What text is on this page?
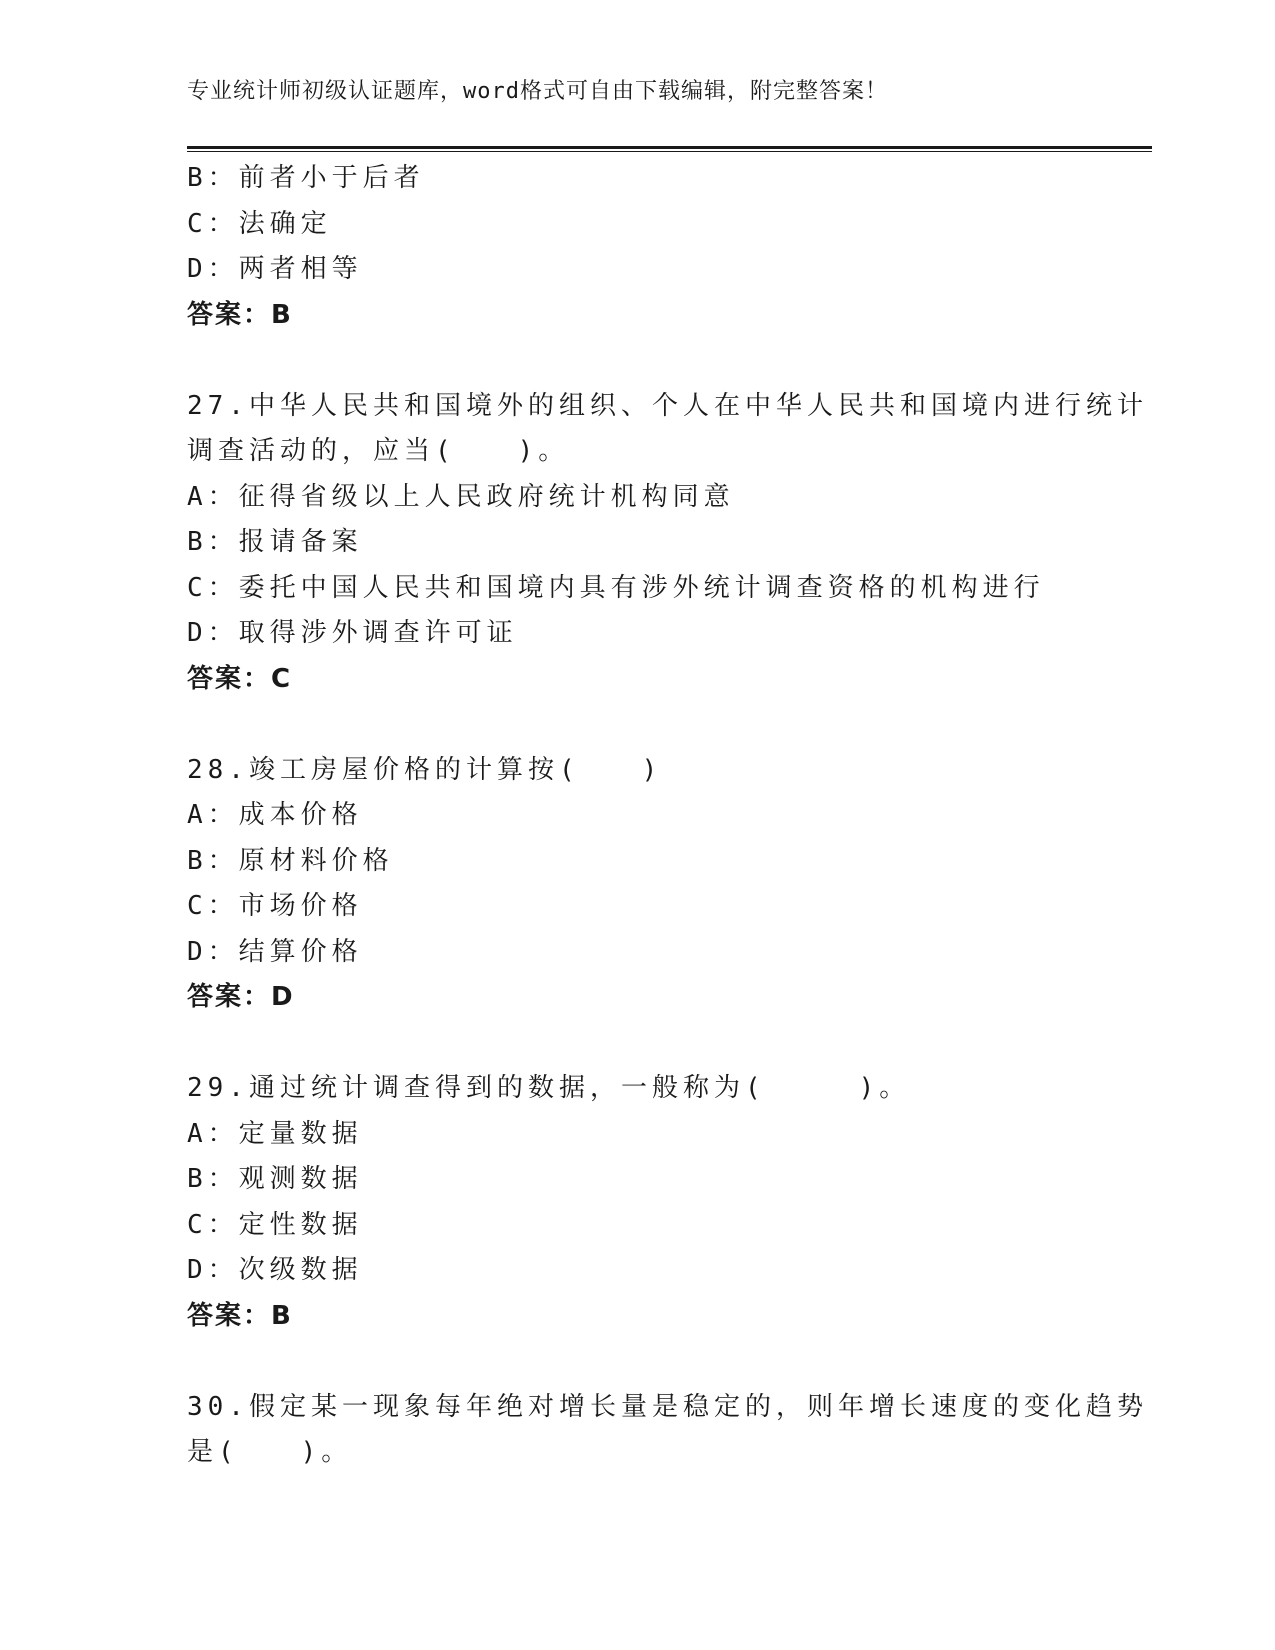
专业统计师初级认证题库，word格式可自由下载编辑，附完整答案！
B：前者小于后者
C：法确定
D：两者相等
答案：B
27.中华人民共和国境外的组织、个人在中华人民共和国境内进行统计
调查活动的，应当(　　)。
A：征得省级以上人民政府统计机构同意
B：报请备案
C：委托中国人民共和国境内具有涉外统计调查资格的机构进行
D：取得涉外调查许可证
答案：C
28.竣工房屋价格的计算按(　　)
A：成本价格
B：原材料价格
C：市场价格
D：结算价格
答案：D
29.通过统计调查得到的数据，一般称为(　　　)。
A：定量数据
B：观测数据
C：定性数据
D：次级数据
答案：B
30.假定某一现象每年绝对增长量是稳定的，则年增长速度的变化趋势
是(　　)。
